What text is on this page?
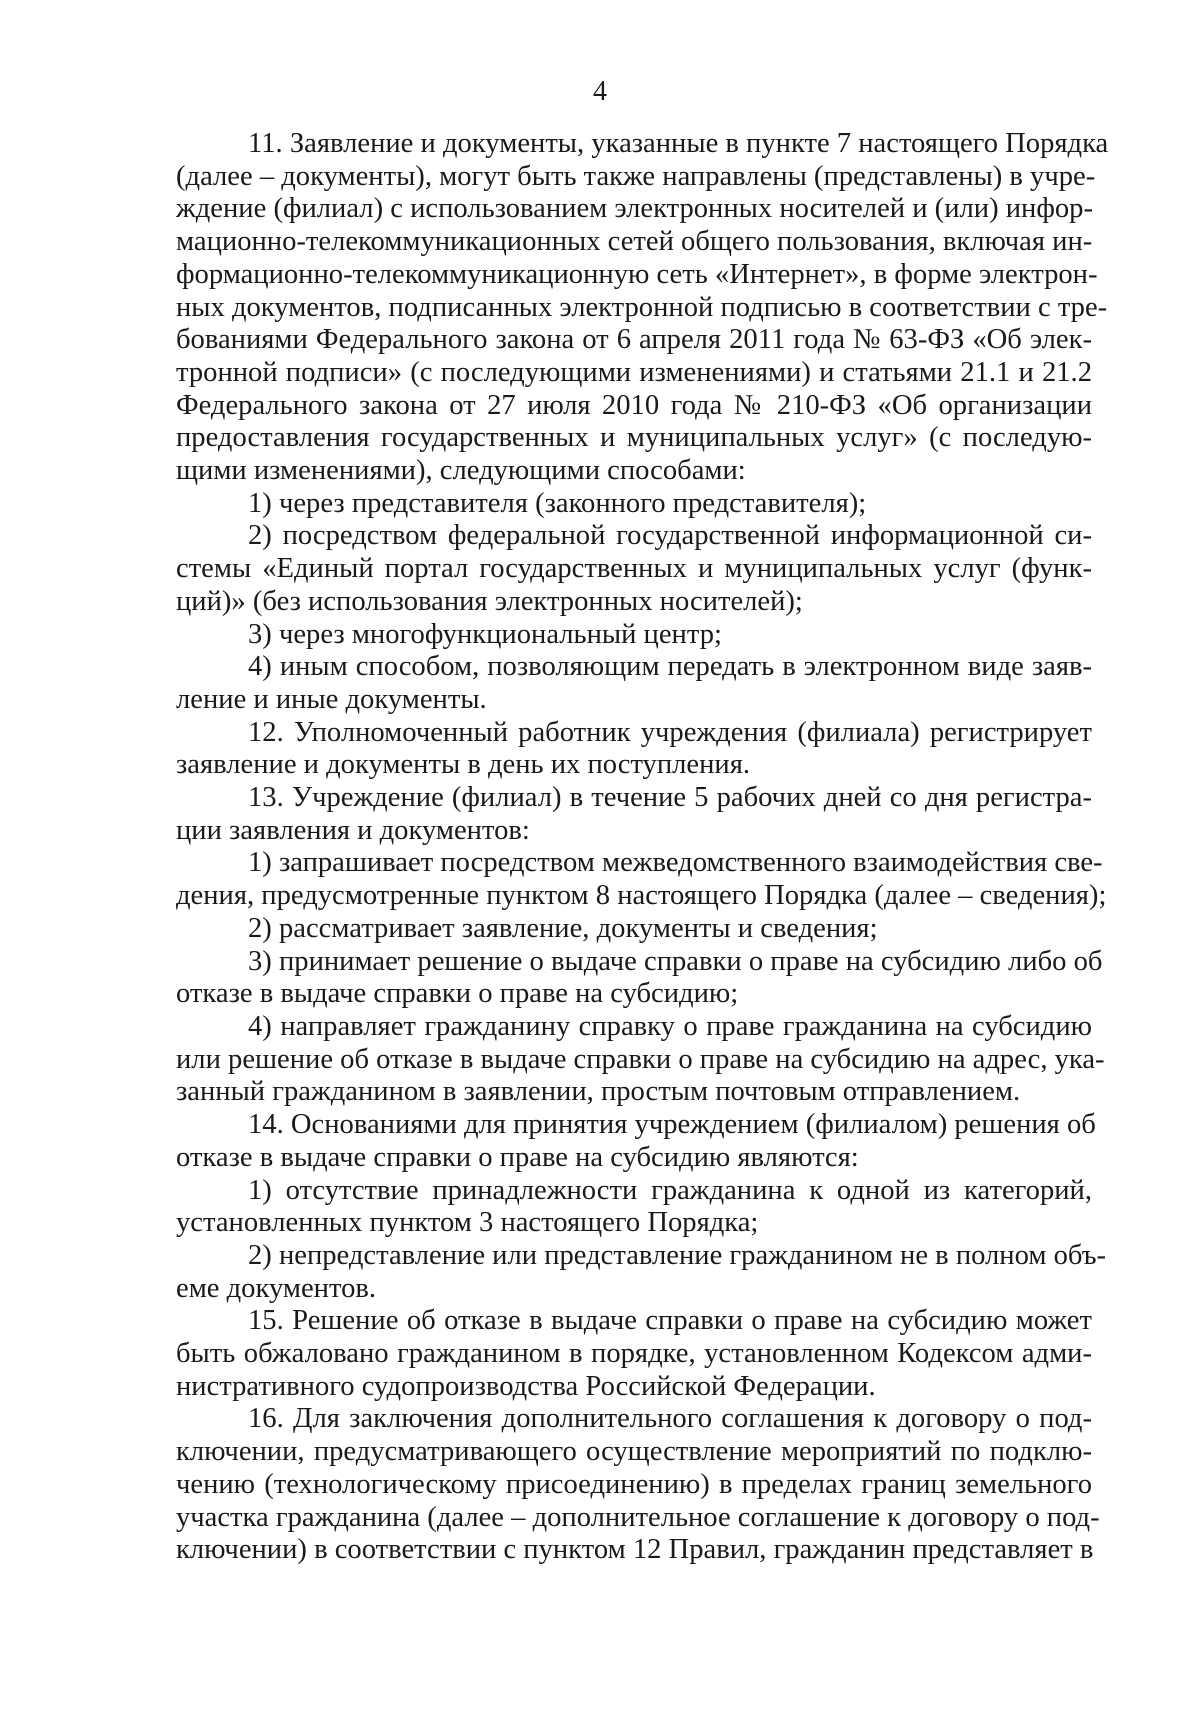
4
11. Заявление и документы, указанные в пункте 7 настоящего Порядка
(далее – документы), могут быть также направлены (представлены) в учре-
ждение (филиал) с использованием электронных носителей и (или) инфор-
мационно-телекоммуникационных сетей общего пользования, включая ин-
формационно-телекоммуникационную сеть «Интернет», в форме электрон-
ных документов, подписанных электронной подписью в соответствии с тре-
бованиями Федерального закона от 6 апреля 2011 года № 63-ФЗ «Об элек-
тронной подписи» (с последующими изменениями) и статьями 21.1 и 21.2
Федерального закона от 27 июля 2010 года № 210-ФЗ «Об организации
предоставления государственных и муниципальных услуг» (с последую-
щими изменениями), следующими способами:
1) через представителя (законного представителя);
2) посредством федеральной государственной информационной си-
стемы «Единый портал государственных и муниципальных услуг (функ-
ций)» (без использования электронных носителей);
3) через многофункциональный центр;
4) иным способом, позволяющим передать в электронном виде заяв-
ление и иные документы.
12. Уполномоченный работник учреждения (филиала) регистрирует
заявление и документы в день их поступления.
13. Учреждение (филиал) в течение 5 рабочих дней со дня регистра-
ции заявления и документов:
1) запрашивает посредством межведомственного взаимодействия све-
дения, предусмотренные пунктом 8 настоящего Порядка (далее – сведения);
2) рассматривает заявление, документы и сведения;
3) принимает решение о выдаче справки о праве на субсидию либо об
отказе в выдаче справки о праве на субсидию;
4) направляет гражданину справку о праве гражданина на субсидию
или решение об отказе в выдаче справки о праве на субсидию на адрес, ука-
занный гражданином в заявлении, простым почтовым отправлением.
14. Основаниями для принятия учреждением (филиалом) решения об
отказе в выдаче справки о праве на субсидию являются:
1) отсутствие принадлежности гражданина к одной из категорий,
установленных пунктом 3 настоящего Порядка;
2) непредставление или представление гражданином не в полном объ-
еме документов.
15. Решение об отказе в выдаче справки о праве на субсидию может
быть обжаловано гражданином в порядке, установленном Кодексом адми-
нистративного судопроизводства Российской Федерации.
16. Для заключения дополнительного соглашения к договору о под-
ключении, предусматривающего осуществление мероприятий по подклю-
чению (технологическому присоединению) в пределах границ земельного
участка гражданина (далее – дополнительное соглашение к договору о под-
ключении) в соответствии с пунктом 12 Правил, гражданин представляет в
